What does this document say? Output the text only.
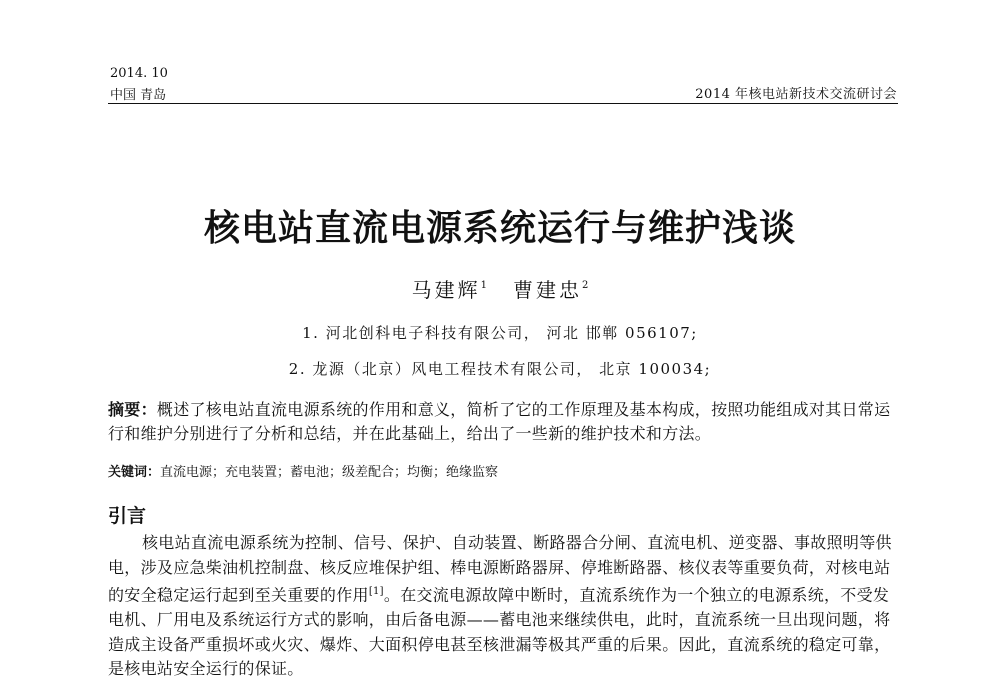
2014. 10
中国 青岛	2014 年核电站新技术交流研讨会
核电站直流电源系统运行与维护浅谈
马建辉$^1$ 曹建忠$^2$
1. 河北创科电子科技有限公司， 河北 邯郸 056107;
2. 龙源（北京）风电工程技术有限公司， 北京 100034;
摘要：概述了核电站直流电源系统的作用和意义，简析了它的工作原理及基本构成，按照功能组成对其日常运行和维护分别进行了分析和总结，并在此基础上，给出了一些新的维护技术和方法。
关键词：直流电源；充电装置；蓄电池；级差配合；均衡；绝缘监察
引言
核电站直流电源系统为控制、信号、保护、自动装置、断路器合分闸、直流电机、逆变器、事故照明等供电，涉及应急柴油机控制盘、核反应堆保护组、棒电源断路器屏、停堆断路器、核仪表等重要负荷，对核电站的安全稳定运行起到至关重要的作用[1]。在交流电源故障中断时，直流系统作为一个独立的电源系统，不受发电机、厂用电及系统运行方式的影响，由后备电源——蓄电池来继续供电，此时，直流系统一旦出现问题，将造成主设备严重损坏或火灾、爆炸、大面积停电甚至核泄漏等极其严重的后果。因此，直流系统的稳定可靠，是核电站安全运行的保证。
